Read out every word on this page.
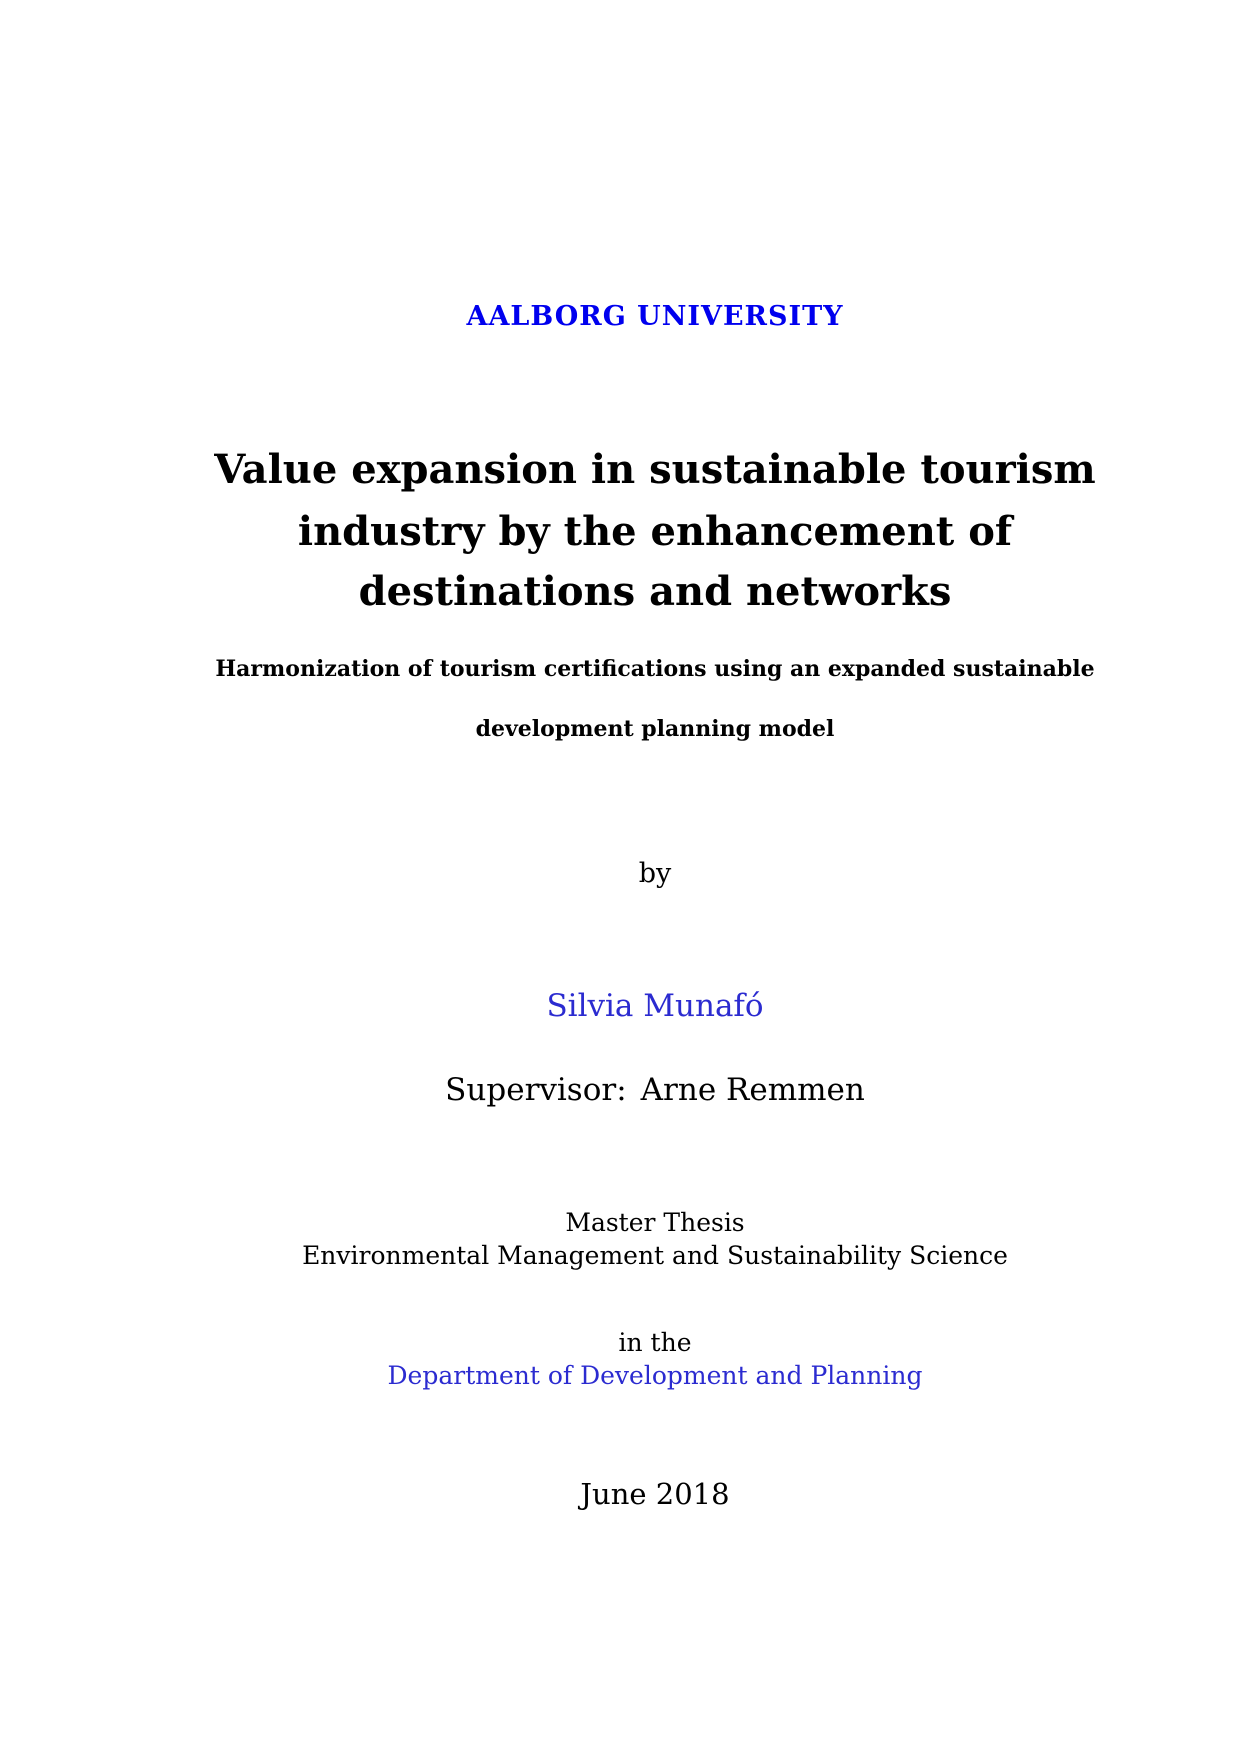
AALBORG UNIVERSITY
Value expansion in sustainable tourism
industry by the enhancement of
destinations and networks
Harmonization of tourism certifications using an expanded sustainable
development planning model
by
Silvia Munafó
Supervisor: Arne Remmen
Master Thesis
Environmental Management and Sustainability Science
in the
Department of Development and Planning
June 2018
